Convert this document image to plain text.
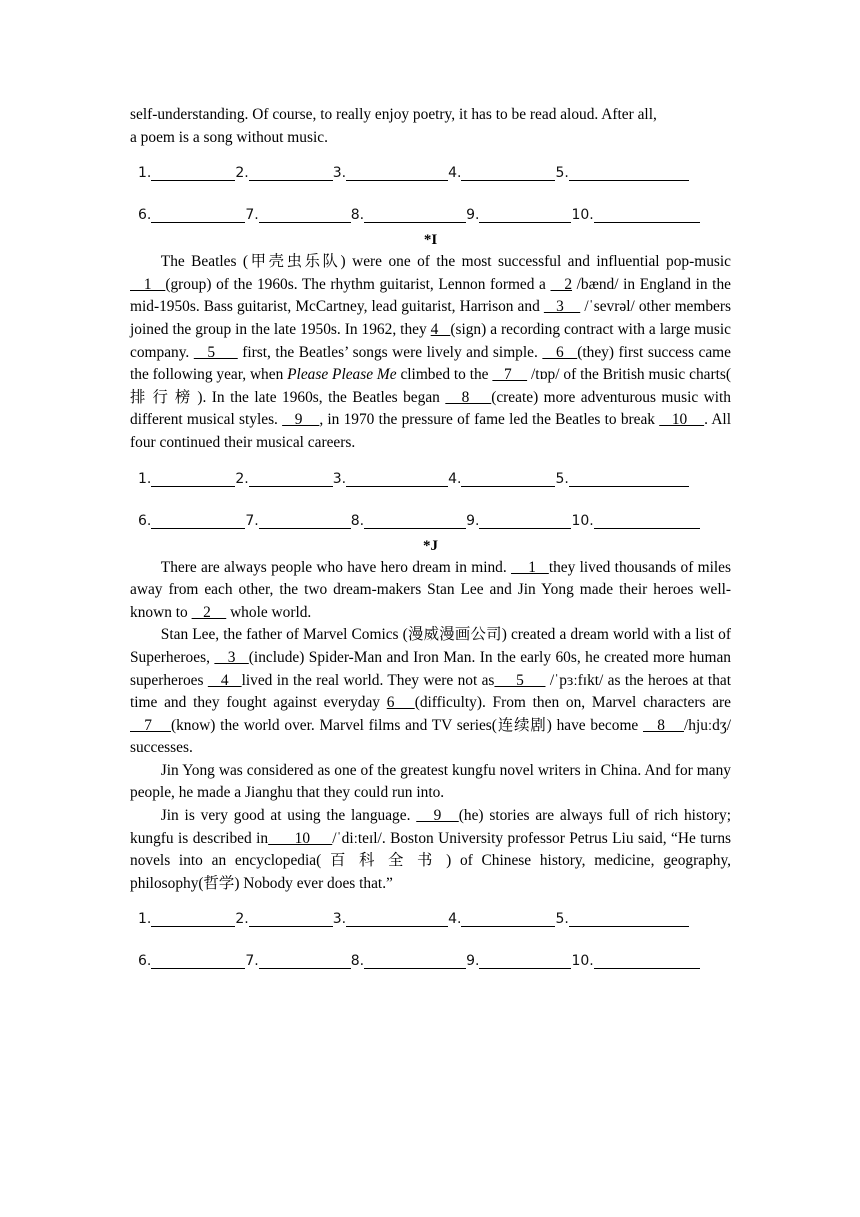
self-understanding. Of course, to really enjoy poetry, it has to be read aloud. After all,

a poem is a song without music.

1.	2.	3.	4.	5.
6.	7.	8.	9.	10.
*I

The Beatles (甲壳虫乐队) were one of the most successful and influential pop-music    1   (group) of the 1960s. The rhythm guitarist, Lennon formed a    2 /bænd/ in England in the mid-1950s. Bass guitarist, McCartney, lead guitarist, Harrison and    3     /ˈsevrəl/ other members joined the group in the late 1950s. In 1962, they 4   (sign) a recording contract with a large music company.    5      first, the Beatles’ songs were lively and simple.    6   (they) first success came the following year, when Please Please Me climbed to the    7     /tɒp/ of the British music charts( 排 行 榜 ). In the late 1960s, the Beatles began    8    (create) more adventurous music with different musical styles.    9    , in 1970 the pressure of fame led the Beatles to break    10    . All four continued their musical careers.

1.	2.	3.	4.	5.
6.	7.	8.	9.	10.
*J

There are always people who have hero dream in mind.     1   they lived thousands of miles away from each other, the two dream-makers Stan Lee and Jin Yong made their heroes well-known to    2     whole world.

Stan Lee, the father of Marvel Comics (漫威漫画公司) created a dream world with a list of Superheroes,    3   (include) Spider-Man and Iron Man. In the early 60s, he created more human superheroes    4   lived in the real world. They were not as     5      /ˈpɜːfɪkt/ as the heroes at that time and they fought against everyday 6   (difficulty). From then on, Marvel characters are    7    (know) the world over. Marvel films and TV series(连续剧) have become    8    /hjuːdʒ/ successes.

Jin Yong was considered as one of the greatest kungfu novel writers in China. And for many people, he made a Jianghu that they could run into.

Jin is very good at using the language.    9   (he) stories are always full of rich history; kungfu is described in      10     /ˈdiːteɪl/. Boston University professor Petrus Liu said, “He turns novels into an encyclopedia( 百 科 全 书 ) of Chinese history, medicine, geography, philosophy(哲学) Nobody ever does that.”

1.	2.	3.	4.	5.
6.	7.	8.	9.	10.
